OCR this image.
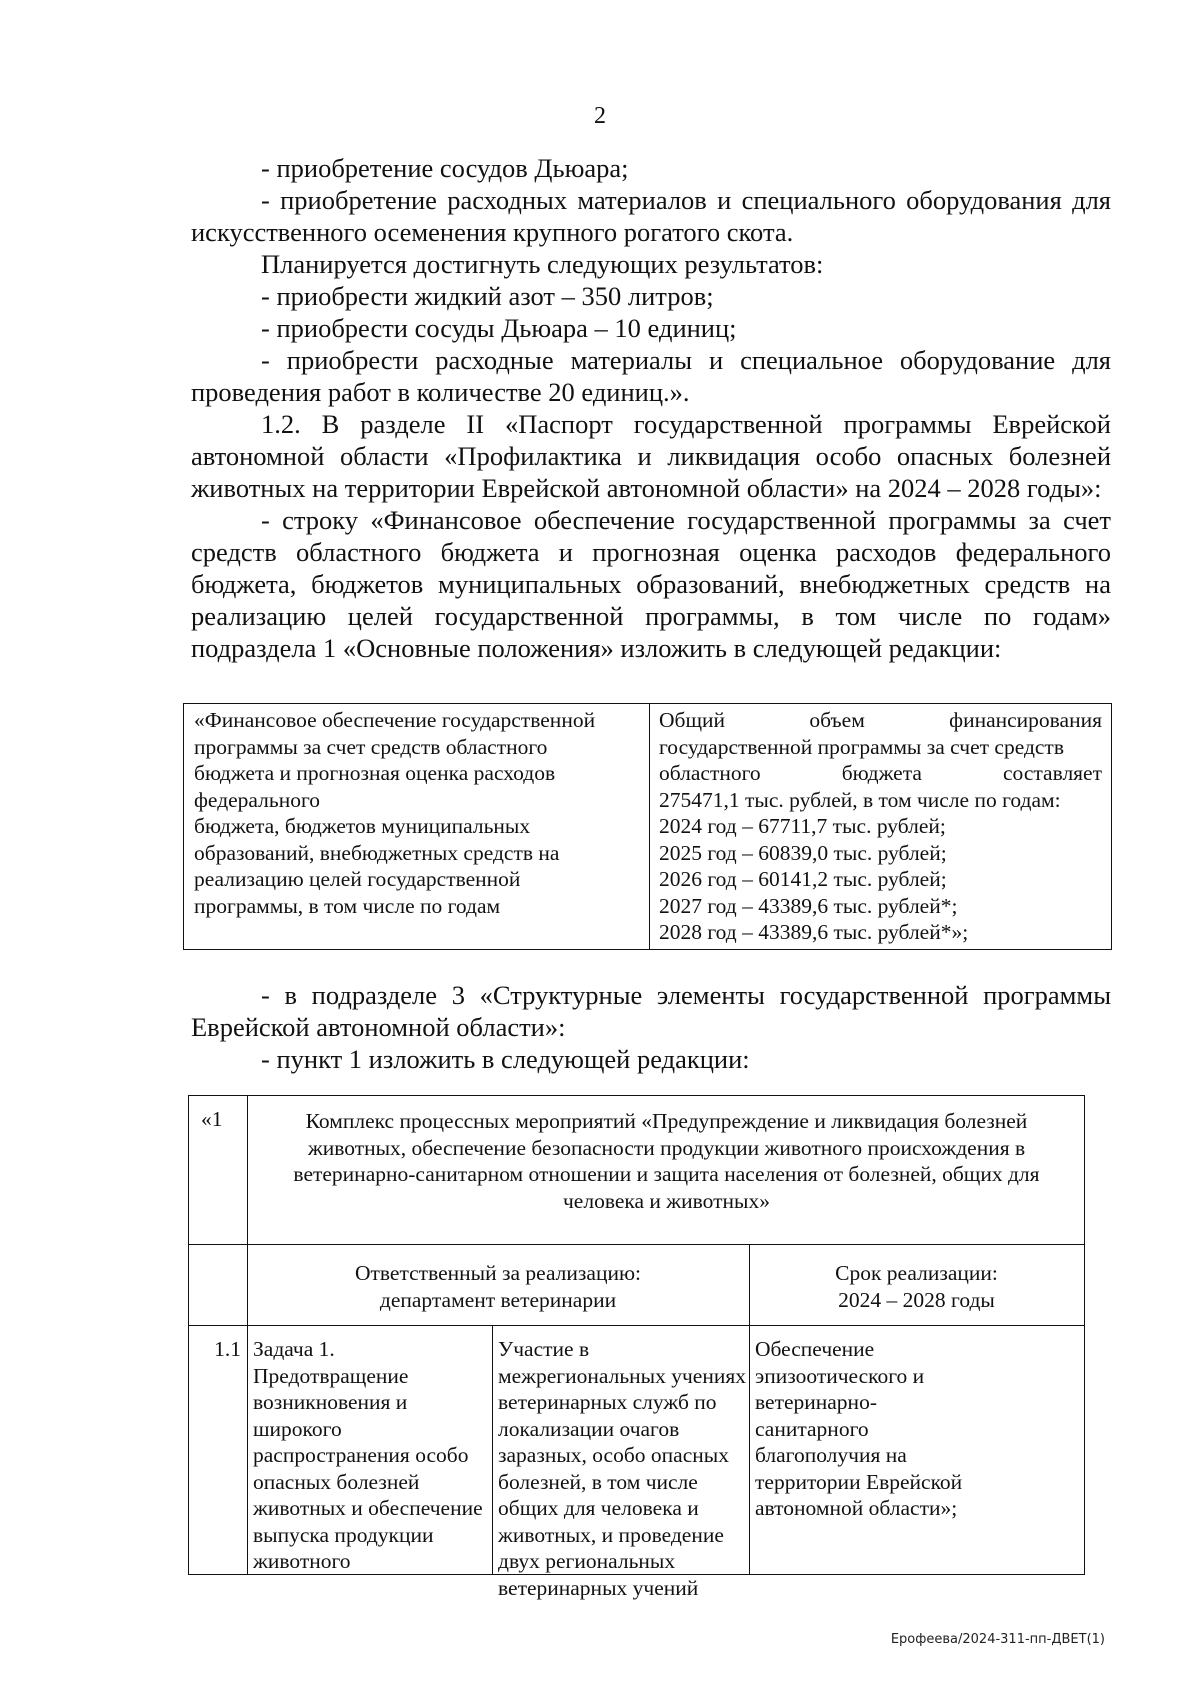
2

- приобретение сосудов Дьюара;

- приобретение расходных материалов и специального оборудования для искусственного осеменения крупного рогатого скота.

Планируется достигнуть следующих результатов:

- приобрести жидкий азот – 350 литров;

- приобрести сосуды Дьюара – 10 единиц;

- приобрести расходные материалы и специальное оборудование для проведения работ в количестве 20 единиц.».

1.2. В разделе II «Паспорт государственной программы Еврейской автономной области «Профилактика и ликвидация особо опасных болезней животных на территории Еврейской автономной области» на 2024 – 2028 годы»:

- строку «Финансовое обеспечение государственной программы за счет средств областного бюджета и прогнозная оценка расходов федерального бюджета, бюджетов муниципальных образований, внебюджетных средств на реализацию целей государственной программы, в том числе по годам» подраздела 1 «Основные положения» изложить в следующей редакции:

«Финансовое обеспечение государственной
программы за счет средств областного
бюджета и прогнозная оценка расходов
федерального
бюджета, бюджетов муниципальных
образований, внебюджетных средств на
реализацию целей государственной
программы, в том числе по годам
Общий объем финансирования
государственной программы за счет средств
областного бюджета составляет
275471,1 тыс. рублей, в том числе по годам:
2024 год – 67711,7 тыс. рублей;
2025 год – 60839,0 тыс. рублей;
2026 год – 60141,2 тыс. рублей;
2027 год – 43389,6 тыс. рублей*;
2028 год – 43389,6 тыс. рублей*»;

- в подразделе 3 «Структурные элементы государственной программы Еврейской автономной области»:

- пункт 1 изложить в следующей редакции:

«1	Комплекс процессных мероприятий «Предупреждение и ликвидация болезней животных, обеспечение безопасности продукции животного происхождения в ветеринарно-санитарном отношении и защита населения от болезней, общих для человека и животных»
Ответственный за реализацию: департамент ветеринарии
Срок реализации: 2024 – 2028 годы
1.1 Задача 1. Предотвращение возникновения и широкого распространения особо опасных болезней животных и обеспечение выпуска продукции животного
Участие в межрегиональных учениях ветеринарных служб по локализации очагов заразных, особо опасных болезней, в том числе общих для человека и животных, и проведение двух региональных ветеринарных учений
Обеспечение эпизоотического и ветеринарно-санитарного благополучия на территории Еврейской автономной области»;
Ерофеева/2024-311-пп-ДВЕТ(1)
